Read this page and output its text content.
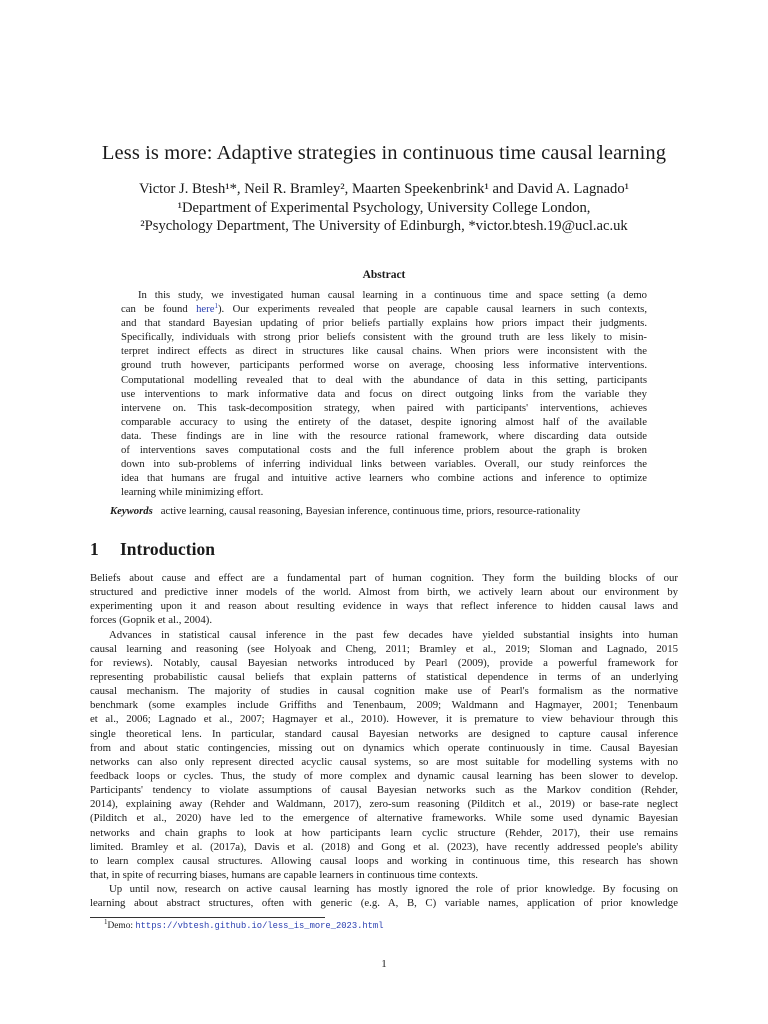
Less is more: Adaptive strategies in continuous time causal learning
Victor J. Btesh¹*, Neil R. Bramley², Maarten Speekenbrink¹ and David A. Lagnado¹
¹Department of Experimental Psychology, University College London,
²Psychology Department, The University of Edinburgh, *victor.btesh.19@ucl.ac.uk
Abstract
In this study, we investigated human causal learning in a continuous time and space setting (a demo
can be found here$^1$). Our experiments revealed that people are capable causal learners in such contexts,
and that standard Bayesian updating of prior beliefs partially explains how priors impact their judgments.
Specifically, individuals with strong prior beliefs consistent with the ground truth are less likely to misin-
terpret indirect effects as direct in structures like causal chains. When priors were inconsistent with the
ground truth however, participants performed worse on average, choosing less informative interventions.
Computational modelling revealed that to deal with the abundance of data in this setting, participants
use interventions to mark informative data and focus on direct outgoing links from the variable they
intervene on. This task-decomposition strategy, when paired with participants' interventions, achieves
comparable accuracy to using the entirety of the dataset, despite ignoring almost half of the available
data. These findings are in line with the resource rational framework, where discarding data outside
of interventions saves computational costs and the full inference problem about the graph is broken
down into sub-problems of inferring individual links between variables. Overall, our study reinforces the
idea that humans are frugal and intuitive active learners who combine actions and inference to optimize
learning while minimizing effort.
Keywords active learning, causal reasoning, Bayesian inference, continuous time, priors, resource-rationality
1 Introduction
Beliefs about cause and effect are a fundamental part of human cognition. They form the building blocks of our
structured and predictive inner models of the world. Almost from birth, we actively learn about our environment by
experimenting upon it and reason about resulting evidence in ways that reflect inference to hidden causal laws and
forces (Gopnik et al., 2004).
Advances in statistical causal inference in the past few decades have yielded substantial insights into human
causal learning and reasoning (see Holyoak and Cheng, 2011; Bramley et al., 2019; Sloman and Lagnado, 2015
for reviews). Notably, causal Bayesian networks introduced by Pearl (2009), provide a powerful framework for
representing probabilistic causal beliefs that explain patterns of statistical dependence in terms of an underlying
causal mechanism. The majority of studies in causal cognition make use of Pearl's formalism as the normative
benchmark (some examples include Griffiths and Tenenbaum, 2009; Waldmann and Hagmayer, 2001; Tenenbaum
et al., 2006; Lagnado et al., 2007; Hagmayer et al., 2010). However, it is premature to view behaviour through this
single theoretical lens. In particular, standard causal Bayesian networks are designed to capture causal inference
from and about static contingencies, missing out on dynamics which operate continuously in time. Causal Bayesian
networks can also only represent directed acyclic causal systems, so are most suitable for modelling systems with no
feedback loops or cycles. Thus, the study of more complex and dynamic causal learning has been slower to develop.
Participants' tendency to violate assumptions of causal Bayesian networks such as the Markov condition (Rehder,
2014), explaining away (Rehder and Waldmann, 2017), zero-sum reasoning (Pilditch et al., 2019) or base-rate neglect
(Pilditch et al., 2020) have led to the emergence of alternative frameworks. While some used dynamic Bayesian
networks and chain graphs to look at how participants learn cyclic structure (Rehder, 2017), their use remains
limited. Bramley et al. (2017a), Davis et al. (2018) and Gong et al. (2023), have recently addressed people's ability
to learn complex causal structures. Allowing causal loops and working in continuous time, this research has shown
that, in spite of recurring biases, humans are capable learners in continuous time contexts.
Up until now, research on active causal learning has mostly ignored the role of prior knowledge. By focusing on
learning about abstract structures, often with generic (e.g. A, B, C) variable names, application of prior knowledge
$^1$Demo: https://vbtesh.github.io/less_is_more_2023.html
1
